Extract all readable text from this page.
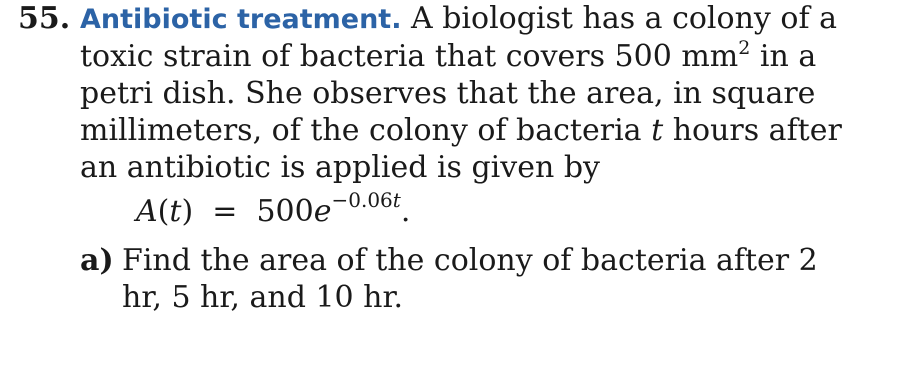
55. Antibiotic treatment. A biologist has a colony of a toxic strain of bacteria that covers 500 $mm^2$ in a petri dish. She observes that the area, in square millimeters, of the colony of bacteria t hours after an antibiotic is applied is given by
$A(t) = 500e^{-0.06t}$.
a) Find the area of the colony of bacteria after 2 hr, 5 hr, and 10 hr.
